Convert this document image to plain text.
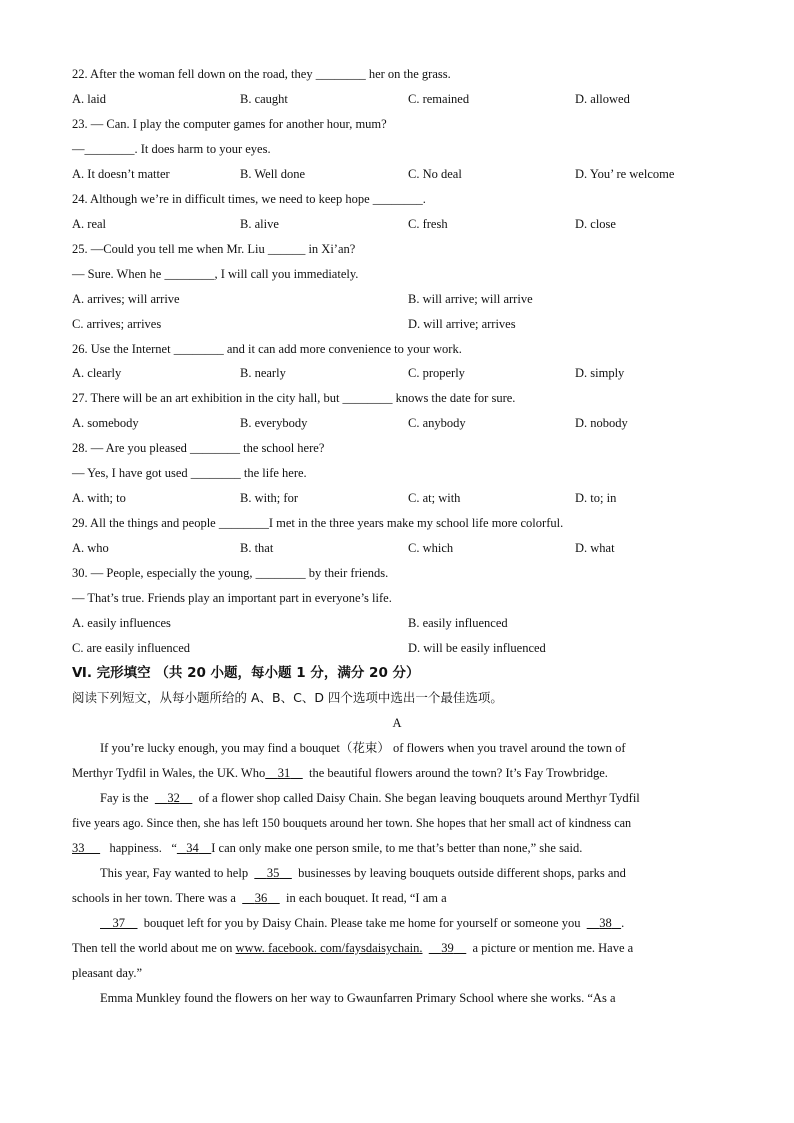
22. After the woman fell down on the road, they ________ her on the grass.
A. laid	B. caught	C. remained	D. allowed
23. — Can. I play the computer games for another hour, mum?
—________. It does harm to your eyes.
A. It doesn’t matter	B. Well done	C. No deal	D. You’ re welcome
24. Although we’re in difficult times, we need to keep hope ________.
A. real	B. alive	C. fresh	D. close
25. —Could you tell me when Mr. Liu ______ in Xi’an?
— Sure. When he ________, I will call you immediately.
A. arrives; will arrive	B. will arrive; will arrive
C. arrives; arrives	D. will arrive; arrives
26. Use the Internet ________ and it can add more convenience to your work.
A. clearly	B. nearly	C. properly	D. simply
27. There will be an art exhibition in the city hall, but ________ knows the date for sure.
A. somebody	B. everybody	C. anybody	D. nobody
28. — Are you pleased ________ the school here?
— Yes, I have got used ________ the life here.
A. with; to	B. with; for	C. at; with	D. to; in
29. All the things and people ________I met in the three years make my school life more colorful.
A. who	B. that	C. which	D. what
30. — People, especially the young, ________ by their friends.
— That’s true. Friends play an important part in everyone’s life.
A. easily influences	B. easily influenced
C. are easily influenced	D. will be easily influenced
Ⅵ. 完形填空 （共 20 小题，每小题 1 分，满分 20 分）
阅读下列短文，从每小题所给的 A、B、C、D 四个选项中选出一个最佳选项。
A
If you’re lucky enough, you may find a bouquet（花束） of flowers when you travel around the town of
Merthyr Tydfil in Wales, the UK. Who 31 the beautiful flowers around the town? It’s Fay Trowbridge.
Fay is the 32 of a flower shop called Daisy Chain. She began leaving bouquets around Merthyr Tydfil
five years ago. Since then, she has left 150 bouquets around her town. She hopes that her small act of kindness can
33 happiness. “ 34 I can only make one person smile, to me that’s better than none,” she said.
This year, Fay wanted to help 35 businesses by leaving bouquets outside different shops, parks and
schools in her town. There was a 36 in each bouquet. It read, “I am a
37 bouquet left for you by Daisy Chain. Please take me home for yourself or someone you 38 .
Then tell the world about me on www. facebook. com/faysdaisychain. 39 a picture or mention me. Have a
pleasant day.”
Emma Munkley found the flowers on her way to Gwaunfarren Primary School where she works. “As a
